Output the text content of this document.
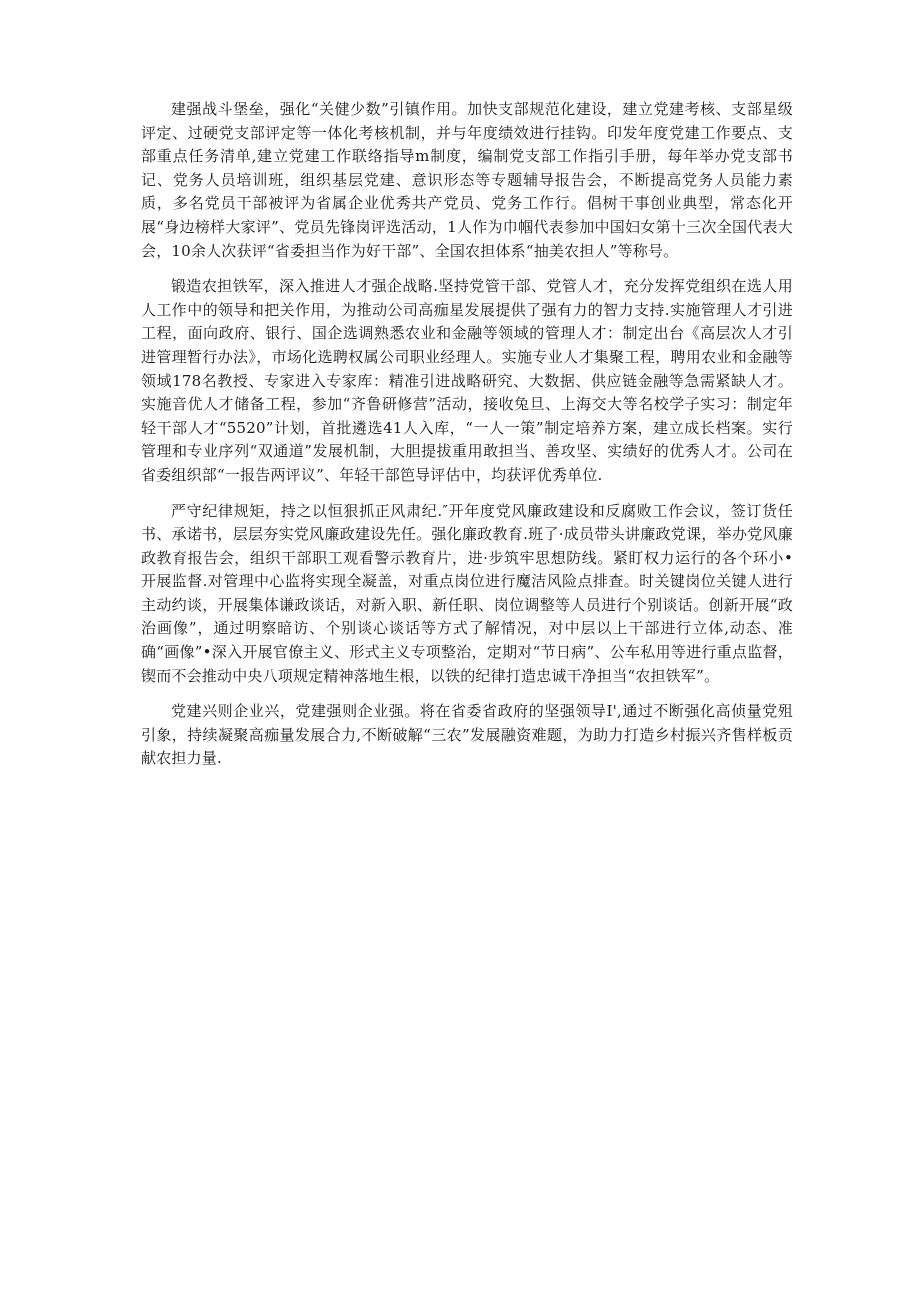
建强战斗堡垒，强化“关健少数”引镇作用。加快支部规范化建设，建立党建考核、支部星级评定、过硬党支部评定等一体化考核机制，并与年度绩效进行挂钩。印发年度党建工作要点、支部重点任务清单,建立党建工作联络指导m制度，编制党支部工作指引手册，每年举办党支部书记、党务人员培训班，组织基层党建、意识形态等专题辅导报告会，不断提高党务人员能力素质，多名党员干部被评为省属企业优秀共产党员、党务工作行。倡树干事创业典型，常态化开展“身边榜样大家评”、党员先锋岗评选活动，1人作为巾帼代表参加中国妇女第十三次全国代表大会，10余人次获评“省委担当作为好干部”、全国农担体系“抽美农担人”等称号。

锻造农担铁军，深入推进人才强企战略.坚持党管干部、党管人才，充分发挥党组织在选人用人工作中的领导和把关作用，为推动公司高痂星发展提供了强有力的智力支持.实施管理人才引进工程，面向政府、银行、国企选调熟悉农业和金融等领域的管理人才：制定出台《高层次人才引进管理暂行办法》，市场化选聘权属公司职业经理人。实施专业人才集聚工程，聘用农业和金融等领域178名教授、专家进入专家库：精准引进战略研究、大数据、供应链金融等急需紧缺人才。实施音优人才储备工程，参加“齐鲁研修营”活动，接收兔旦、上海交大等名校学子实习：制定年轻干部人才“5520”计划，首批遴选41人入库，“一人一策”制定培养方案，建立成长档案。实行管理和专业序列“双通道”发展机制，大胆提拔重用敢担当、善攻坚、实绩好的优秀人才。公司在省委组织部“一报告两评议”、年轻干部笆导评估中，均获评优秀单位.

严守纪律规矩，持之以恒狠抓正风肃纪.″开年度党风廉政建设和反腐败工作会议，签订货任书、承诺书，层层夯实党风廉政建设先任。强化廉政教育.班了·成员带头讲廉政党课，举办党风廉政教育报告会，组织干部职工观看警示教育片，进·步筑牢思想防线。紧盯权力运行的各个环小•开展监督.对管理中心监将实现全凝盖，对重点岗位进行魔洁风险点排查。时关键岗位关键人进行主动约谈，开展集体谦政谈话，对新入职、新任职、岗位调整等人员进行个别谈话。创新开展“政治画像”，通过明察暗访、个别谈心谈话等方式了解情况，对中层以上干部进行立体,动态、准确“画像”•深入开展官僚主义、形式主义专项整治，定期对“节日病”、公车私用等进行重点监督，锲而不会推动中央八项规定精神落地生根，以铁的纪律打造忠诚干净担当“农担铁军”。

党建兴则企业兴，党建强则企业强。将在省委省政府的坚强领导I',通过不断强化高侦量党殂引象，持续凝聚高痂量发展合力,不断破解“三农”发展融资难题，为助力打造乡村振兴齐售样板贡献农担力量.
